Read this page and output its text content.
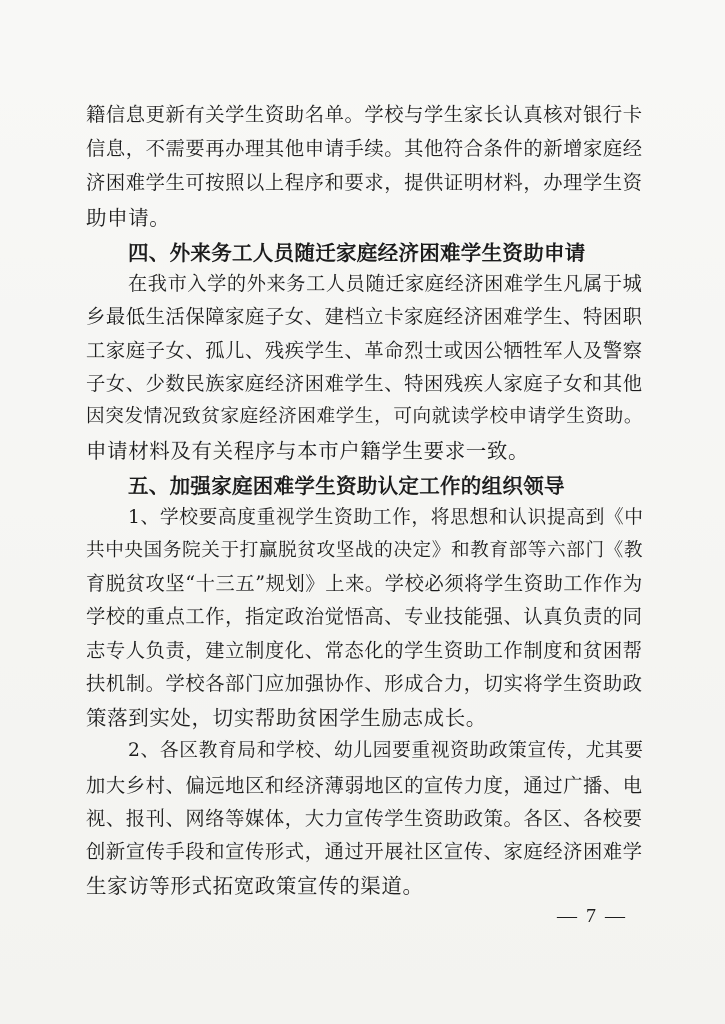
籍信息更新有关学生资助名单。学校与学生家长认真核对银行卡
信息，不需要再办理其他申请手续。其他符合条件的新增家庭经
济困难学生可按照以上程序和要求，提供证明材料，办理学生资
助申请。
四、外来务工人员随迁家庭经济困难学生资助申请
在我市入学的外来务工人员随迁家庭经济困难学生凡属于城
乡最低生活保障家庭子女、建档立卡家庭经济困难学生、特困职
工家庭子女、孤儿、残疾学生、革命烈士或因公牺牲军人及警察
子女、少数民族家庭经济困难学生、特困残疾人家庭子女和其他
因突发情况致贫家庭经济困难学生，可向就读学校申请学生资助。
申请材料及有关程序与本市户籍学生要求一致。
五、加强家庭困难学生资助认定工作的组织领导
1、学校要高度重视学生资助工作，将思想和认识提高到《中
共中央国务院关于打赢脱贫攻坚战的决定》和教育部等六部门《教
育脱贫攻坚“十三五”规划》上来。学校必须将学生资助工作作为
学校的重点工作，指定政治觉悟高、专业技能强、认真负责的同
志专人负责，建立制度化、常态化的学生资助工作制度和贫困帮
扶机制。学校各部门应加强协作、形成合力，切实将学生资助政
策落到实处，切实帮助贫困学生励志成长。
2、各区教育局和学校、幼儿园要重视资助政策宣传，尤其要
加大乡村、偏远地区和经济薄弱地区的宣传力度，通过广播、电
视、报刊、网络等媒体，大力宣传学生资助政策。各区、各校要
创新宣传手段和宣传形式，通过开展社区宣传、家庭经济困难学
生家访等形式拓宽政策宣传的渠道。
— 7 —
